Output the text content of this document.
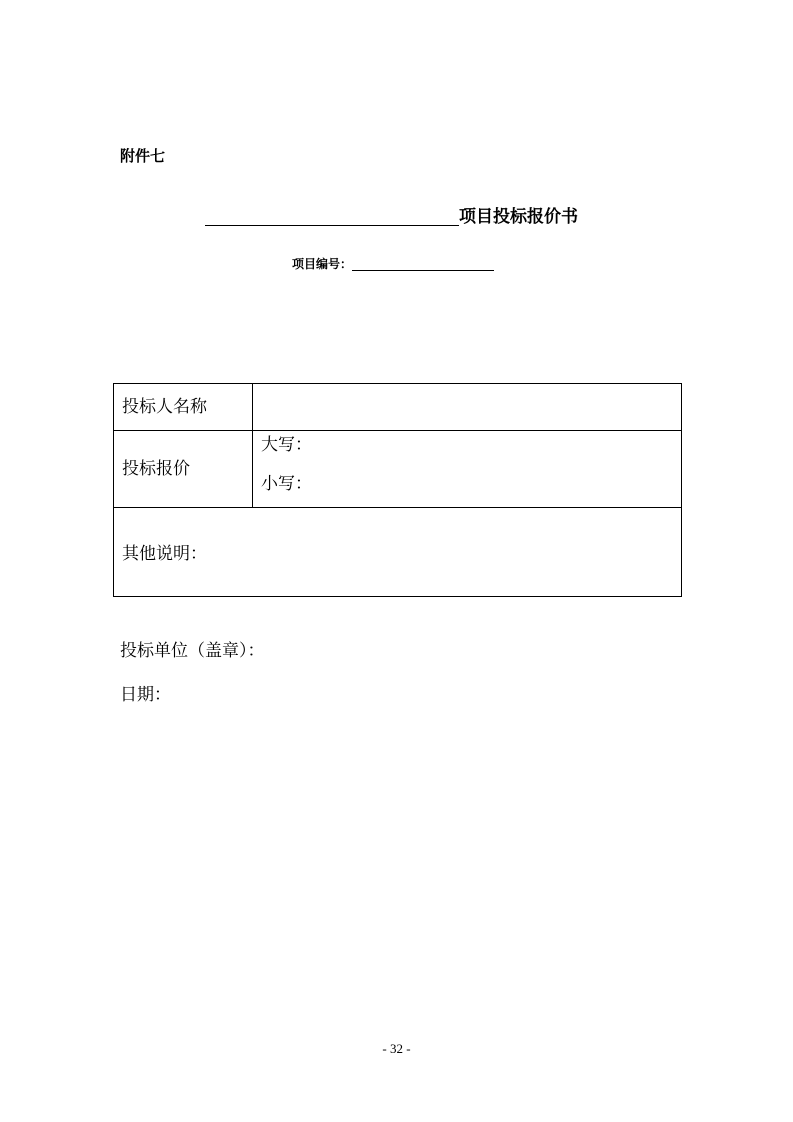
附件七
项目投标报价书
项目编号：
投标人名称	
投标报价	大写：
小写：

其他说明：	
投标单位（盖章）：
日期：
- 32 -
